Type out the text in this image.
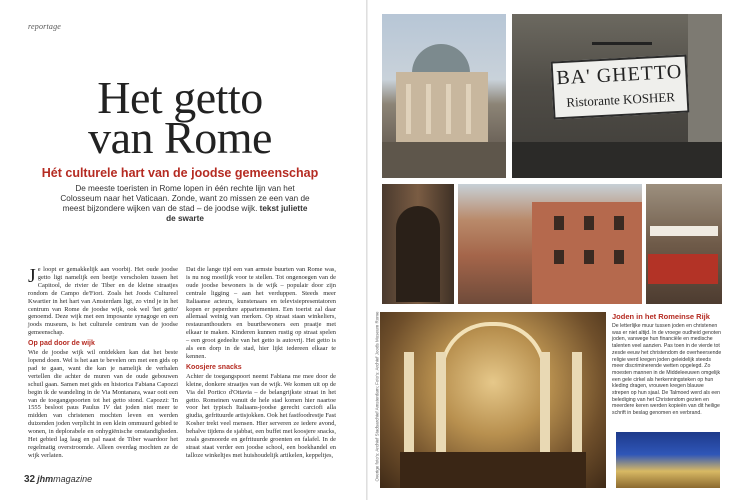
reportage
Het getto
van Rome
Hét culturele hart van de joodse gemeenschap
De meeste toeristen in Rome lopen in één rechte lijn van het Colosseum naar het Vaticaan. Zonde, want zo missen ze een van de meest bijzondere wijken van de stad – de joodse wijk. tekst juliette de swarte
J e loopt er gemakkelijk aan voorbij. Het oude joodse getto ligt namelijk een beetje verscholen tussen het Capitool, de rivier de Tiber en de kleine straatjes rondom de Campo de'Fiori. Zoals het Joods Cultureel Kwartier in het hart van Amsterdam ligt, zo vind je in het centrum van Rome de joodse wijk, ook wel 'het getto' genoemd. Deze wijk met een imposante synagoge en een joods museum, is het culturele centrum van de joodse gemeenschap.
Op pad door de wijk
Wie de joodse wijk wil ontdekken kan dat het beste lopend doen. Wel is het aan te bevelen om met een gids op pad te gaan, want die kan je namelijk de verhalen vertellen die achter de muren van de oude gebouwen schuil gaan. Samen met gids en historica Fabiana Capozzi begin ik de wandeling in de Via Montanara, waar ooit een van de toegangspoorten tot het getto stond. Capozzi: 'In 1555 besloot paus Paulus IV dat joden niet meer te midden van christenen mochten leven en werden duizenden joden verplicht in een klein ommuurd gebied te wonen, in deplorabele en onhygiënische omstandigheden. Het gebied lag laag en pal naast de Tiber waardoor het regelmatig overstroomde. Alleen overdag mochten ze de wijk verlaten.
Dat die lange tijd een van armste buurten van Rome was, is nu nog moeilijk voor te stellen. Tot ongenoegen van de oude joodse bewoners is de wijk – populair door zijn centrale ligging – aan het verduppen. Steeds meer Italiaanse acteurs, kunstenaars en televisiepresentatoren kopen er peperdure appartementen. Een toerist zal daar allemaal weinig van merken. Op straat staan winkeliers, restauranthouders en buurtbewoners een praatje met elkaar te maken. Kinderen kunnen rustig op straat spelen – een groot gedeelte van het getto is autovrij. Het getto is als een dorp in de stad, hier lijkt iedereen elkaar te kennen.
Koosjere snacks
Achter de toegangspoort neemt Fabiana me mee door de kleine, donkere straatjes van de wijk. We komen uit op de Via del Portico d'Ottavia – de belangrijkste straat in het getto. Romeinen vanuit de hele stad komen hier naartoe voor het typisch Italiaans-joodse gerecht carciofi alla giudia, gefrituurde artisjokken. Ook het fastfoodrestje Fast Kosher trekt veel mensen. Hier serveren ze iedere avond, behalve tijdens de sjabbat, een buffet met koosjere snacks, zoals gesmoorde en gefrituurde groenten en falafel. In de straat staat verder een joodse school, een boekhandel en talloze winkeltjes met huishoudelijk artikelen, keppeltjes,
32 jhmmagazine
BA' GHETTO
Ristorante KOSHER
Overige foto's: Archief Stadsarchief Amsterdam; Foto's: Archief Joods Museum Rome	Joden in het Romeinse Rijk
De letterlijke muur tussen joden en christenen was er niet altijd. In de vroege oudheid genoten joden, vanwege hun financiële en medische talenten veel aanzien. Pas toen in de vierde tot zesde eeuw het christendom de overheersende religie werd kregen joden geleidelijk steeds meer discriminerende wetten opgelegd. Zo moesten mannen in de Middeleeuwen omgelijk een gele cirkel als herkenningsteken op hun kleding dragen, vrouwen kregen blauwe strepen op hun sjaal. De Talmoed werd als een belediging van het Christendom gezien en meerdere keren werden kopieën van dit heilige schrift in beslag genomen en verbrand.
